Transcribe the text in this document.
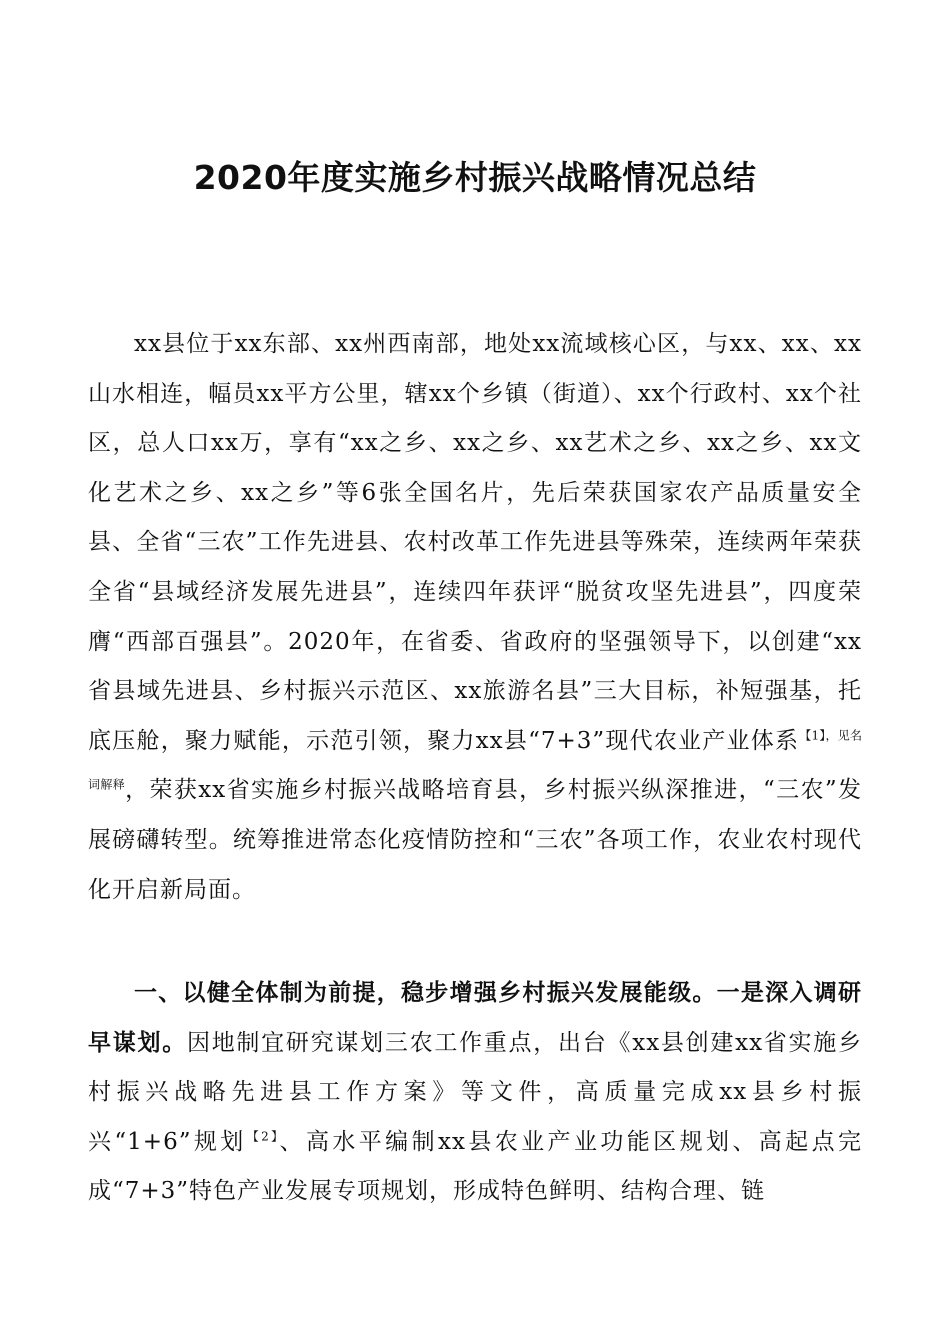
2020年度实施乡村振兴战略情况总结

xx县位于xx东部、xx州西南部，地处xx流域核心区，与xx、xx、xx山水相连，幅员xx平方公里，辖xx个乡镇（街道）、xx个行政村、xx个社区，总人口xx万，享有“xx之乡、xx之乡、xx艺术之乡、xx之乡、xx文化艺术之乡、xx之乡”等6张全国名片，先后荣获国家农产品质量安全县、全省“三农”工作先进县、农村改革工作先进县等殊荣，连续两年荣获全省“县域经济发展先进县”，连续四年获评“脱贫攻坚先进县”，四度荣膺“西部百强县”。2020年，在省委、省政府的坚强领导下，以创建“xx省县域先进县、乡村振兴示范区、xx旅游名县”三大目标，补短强基，托底压舱，聚力赋能，示范引领，聚力xx县“7+3”现代农业产业体系$^{【1】,见名词解释}$，荣获xx省实施乡村振兴战略培育县，乡村振兴纵深推进，“三农”发展磅礴转型。统筹推进常态化疫情防控和“三农”各项工作，农业农村现代化开启新局面。

一、以健全体制为前提，稳步增强乡村振兴发展能级。一是深入调研早谋划。因地制宜研究谋划三农工作重点，出台《xx县创建xx省实施乡村振兴战略先进县工作方案》等文件，高质量完成xx县乡村振兴“1+6”规划$^{【2】}$、高水平编制xx县农业产业功能区规划、高起点完成“7+3”特色产业发展专项规划，形成特色鲜明、结构合理、链
